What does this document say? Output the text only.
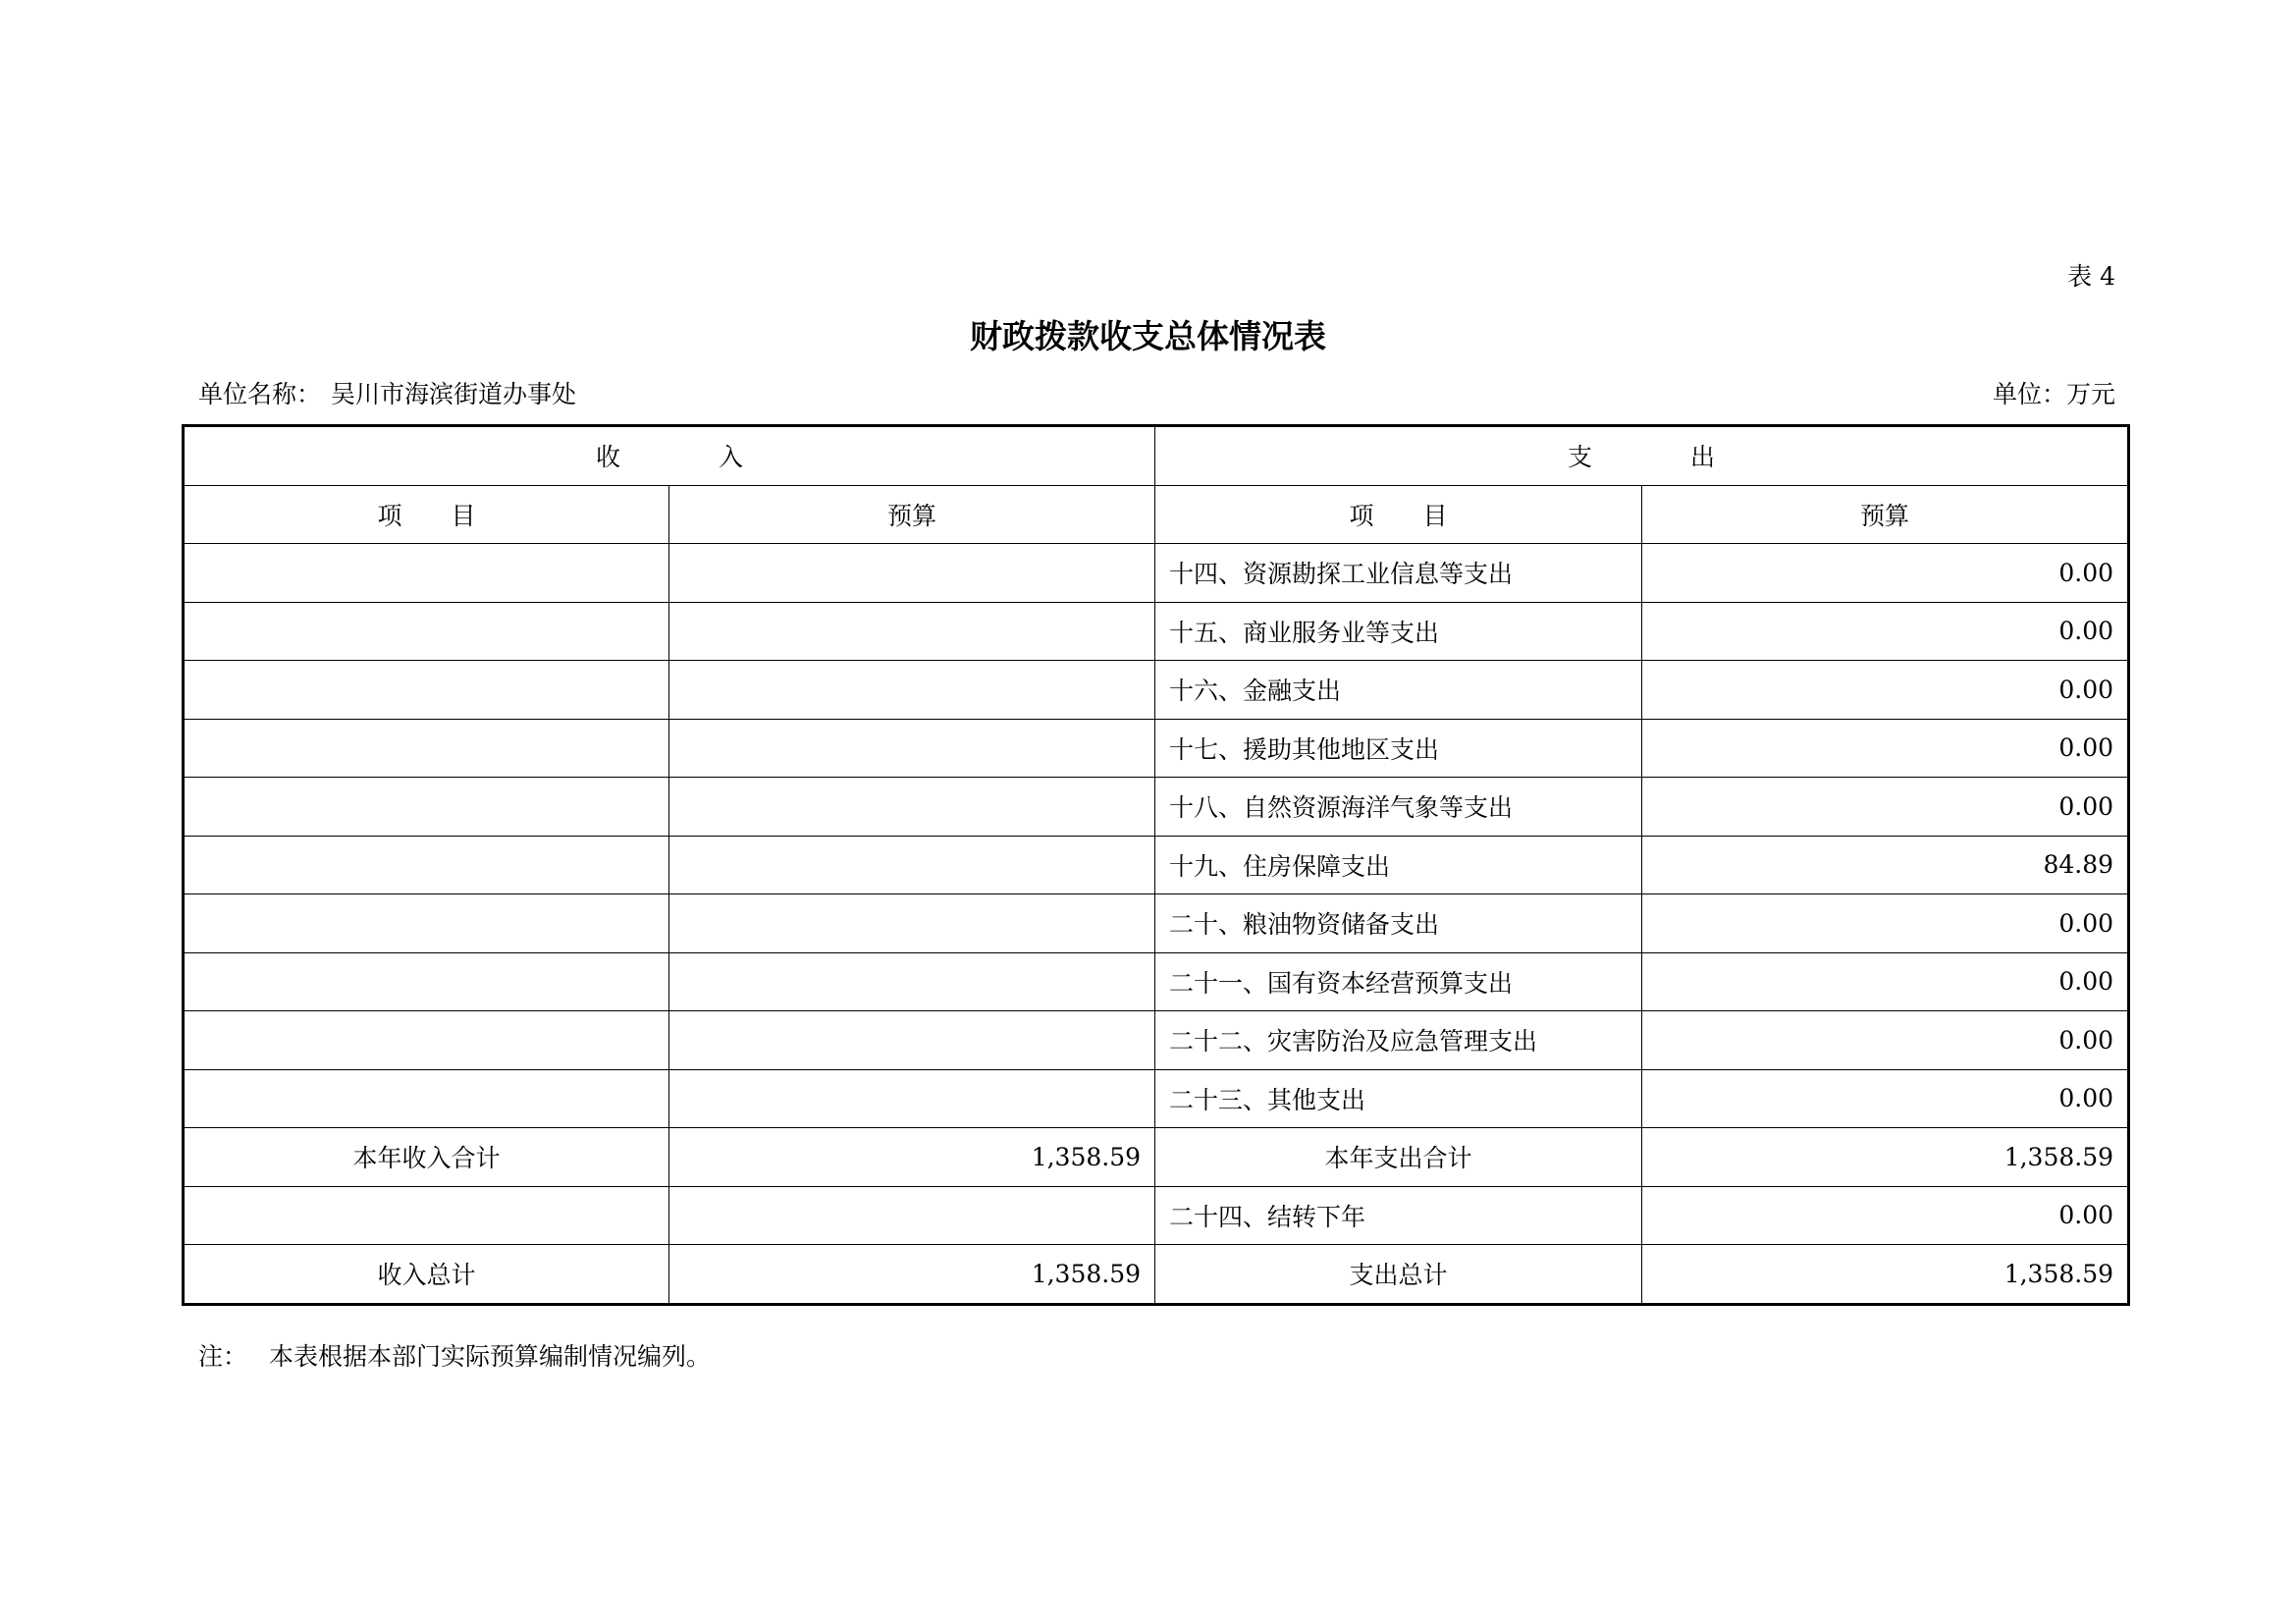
表 4
财政拨款收支总体情况表
单位名称： 吴川市海滨街道办事处	单位：万元
收　　　　入		支　　　　出	
项　　目	预算	项　　目	预算
		十四、资源勘探工业信息等支出	0.00
		十五、商业服务业等支出	0.00
		十六、金融支出	0.00
		十七、援助其他地区支出	0.00
		十八、自然资源海洋气象等支出	0.00
		十九、住房保障支出	84.89
		二十、粮油物资储备支出	0.00
		二十一、国有资本经营预算支出	0.00
		二十二、灾害防治及应急管理支出	0.00
		二十三、其他支出	0.00
本年收入合计	1,358.59	本年支出合计	1,358.59
		二十四、结转下年	0.00
收入总计	1,358.59	支出总计	1,358.59
注： 本表根据本部门实际预算编制情况编列。
